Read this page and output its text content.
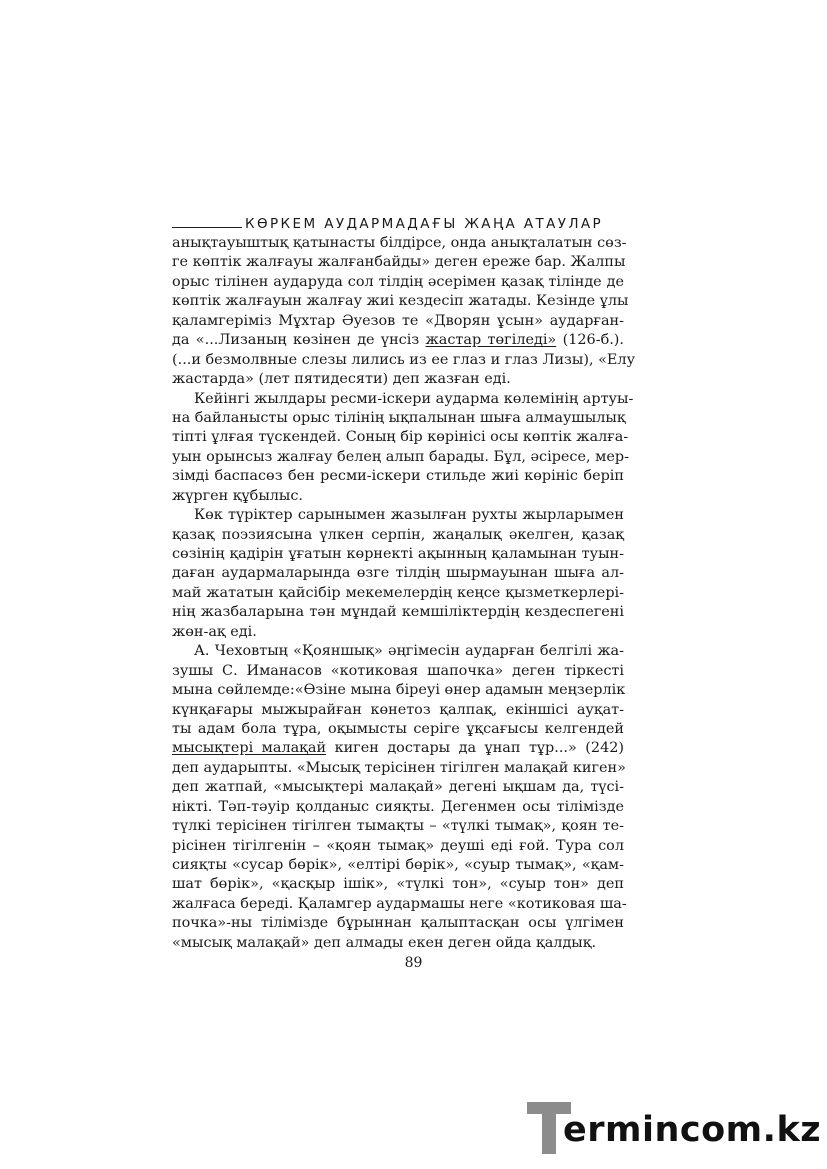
КӨРКЕМ АУДАРМАДАҒЫ ЖАҢА АТАУЛАР
анықтауыштық қатынасты білдірсе, онда анықталатын сөз-
ге көптік жалғауы жалғанбайды» деген ереже бар. Жалпы
орыс тілінен аударуда сол тілдің әсерімен қазақ тілінде де
көптік жалғауын жалғау жиі кездесіп жатады. Кезінде ұлы
қаламгеріміз Мұхтар Әуезов те «Дворян ұсын» аударған-
да «...Лизаның көзінен де үнсіз жастар төгіледі» (126-б.).
(...и безмолвные слезы лились из ее глаз и глаз Лизы), «Елу
жастарда» (лет пятидесяти) деп жазған еді.
Кейінгі жылдары ресми-іскери аударма көлемінің артуы-
на байланысты орыс тілінің ықпалынан шыға алмаушылық
тіпті ұлғая түскендей. Соның бір көрінісі осы көптік жалға-
уын орынсыз жалғау белең алып барады. Бұл, әсіресе, мер-
зімді баспасөз бен ресми-іскери стильде жиі көрініс беріп
жүрген құбылыс.
Көк түріктер сарынымен жазылған рухты жырларымен
қазақ поэзиясына үлкен серпін, жаңалық әкелген, қазақ
сөзінің қадірін ұғатын көрнекті ақынның қаламынан туын-
даған аудармаларында өзге тілдің шырмауынан шыға ал-
май жататын қайсібір мекемелердің кеңсе қызметкерлері-
нің жазбаларына тән мұндай кемшіліктердің кездеспегені
жөн-ақ еді.
А. Чеховтың «Қояншық» әңгімесін аударған белгілі жа-
зушы С. Иманасов «котиковая шапочка» деген тіркесті
мына сөйлемде:«Өзіне мына біреуі өнер адамын меңзерлік
күнқағары мыжырайған көнетоз қалпақ, екіншісі ауқат-
ты адам бола тұра, оқымысты серіге ұқсағысы келгендей
мысықтері малақай киген достары да ұнап тұр...» (242)
деп аударыпты. «Мысық терісінен тігілген малақай киген»
деп жатпай, «мысықтері малақай» дегені ықшам да, түсі-
нікті. Тәп-тәуір қолданыс сияқты. Дегенмен осы тілімізде
түлкі терісінен тігілген тымақты – «түлкі тымақ», қоян те-
рісінен тігілгенін – «қоян тымақ» деуші еді ғой. Тура сол
сияқты «сусар бөрік», «елтірі бөрік», «суыр тымақ», «қам-
шат бөрік», «қасқыр ішік», «түлкі тон», «суыр тон» деп
жалғаса береді. Қаламгер аудармашы неге «котиковая ша-
почка»-ны тілімізде бұрыннан қалыптасқан осы үлгімен
«мысық малақай» деп алмады екен деген ойда қалдық.
89
ermincom.kz
